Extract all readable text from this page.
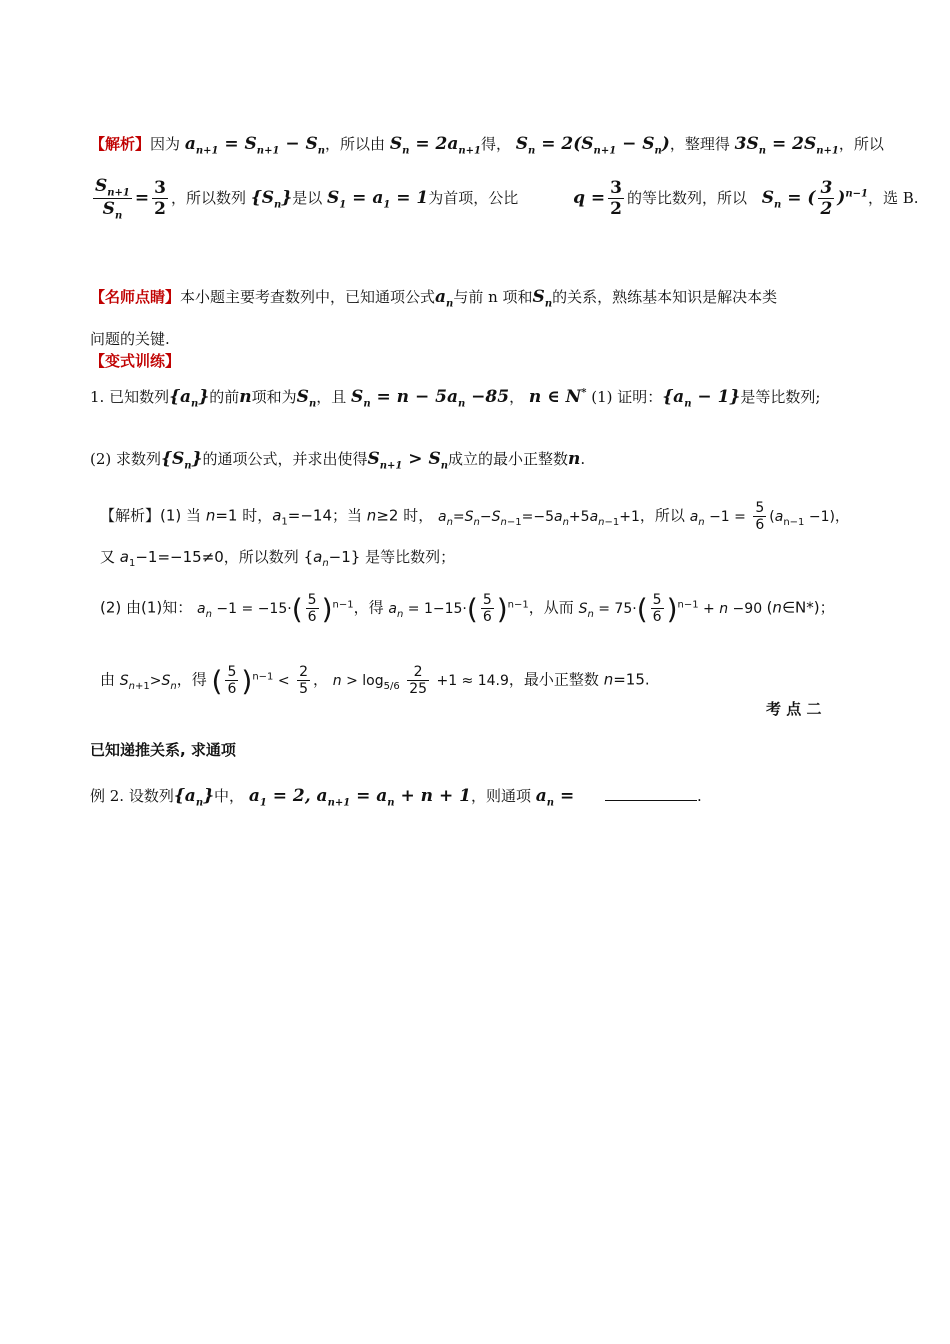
【解析】因为 $a_{n+1} = S_{n+1} - S_n$，所以由 $S_n = 2a_{n+1}$得， $S_n = 2(S_{n+1} - S_n)$，整理得 $3S_n = 2S_{n+1}$，所以
$\frac{S_{n+1}}{S_n} = \frac{3}{2}$ ，所以数列 $\{S_n\}$是以 $S_1 = a_1 = 1$为首项，公比	$q = \frac{3}{2}$ 的等比数列，所以 $S_n$ = ( $\frac{3}{2} )^{n-1}$，选 B.
【名师点睛】本小题主要考查数列中，已知通项公式$a_n$与前 n 项和$S_n$的关系，熟练基本知识是解决本类
问题的关键.
【变式训练】
1. 已知数列$\{a_n\}$的前n项和为$S_n$，且 $S_n = n - 5a_n -85$， n ∈ N* (1) 证明：$\{a_n - 1\}$是等比数列;
(2) 求数列$\{S_n\}$的通项公式，并求出使得$S_{n+1} > S_n$成立的最小正整数n.
【解析】(1) 当 n=1 时，$a_1=-14$；当 n≥2 时， $a_n=S_n-S_{n-1}=-5a_n+5a_{n-1}+1$，所以 $a_n -1 = \frac{5}{6} (a_{n-1} -1)$，
又 $a_1-1=-15\ne 0$，所以数列 $\{a_n-1\}$ 是等比数列；
(2) 由(1)知： $a_n -1 = -15\cdot( \frac{5}{6} )^{n-1}$，得 $a_n = 1-15\cdot( \frac{5}{6} )^{n-1}$，从而 $S_n = 75\cdot( \frac{5}{6} )^{n-1} + n -90$ (n∈N*)；
由 $S_{n+1}>S_n$，得 ( $\frac{5}{6} )^{n-1} < \frac{2}{5}$ ， $n > \log_{5/6} \frac{2}{25} +1 \approx 14.9$，最小正整数 n=15.
考 点 二
已知递推关系, 求通项
例 2. 设数列$\{a_n\}$中， $a_1 = 2$, $a_{n+1} = a_n + n + 1$，则通项 $a_n$ =	.
